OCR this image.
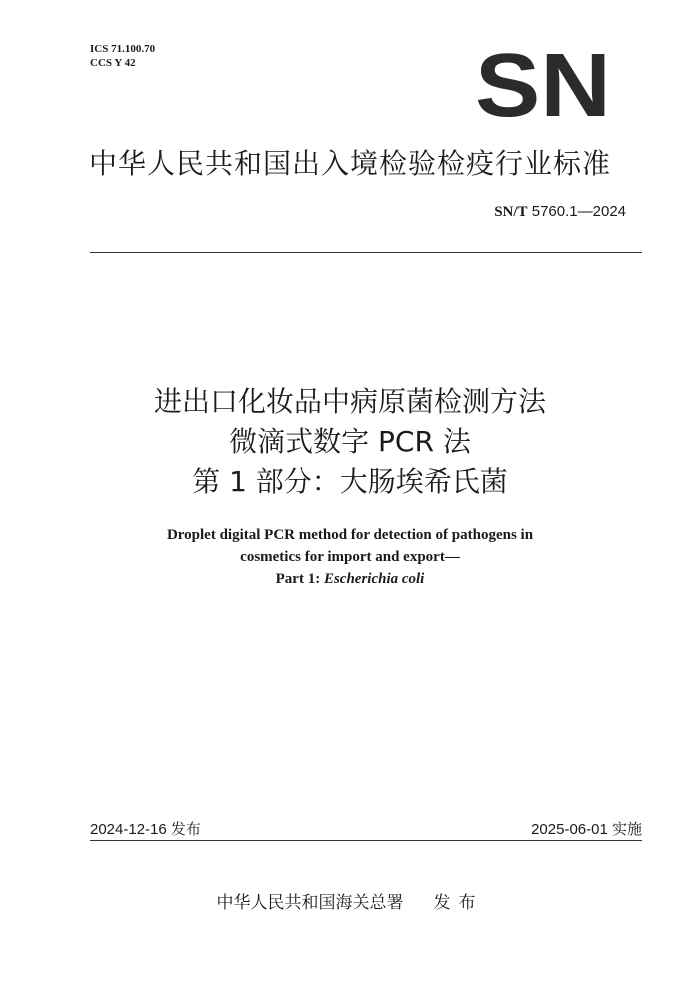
ICS 71.100.70
CCS Y 42	SN
中华人民共和国出入境检验检疫行业标准
SN/T 5760.1—2024
进出口化妆品中病原菌检测方法
微滴式数字 PCR 法
第 1 部分：大肠埃希氏菌
Droplet digital PCR method for detection of pathogens in
cosmetics for import and export—
Part 1: Escherichia coli
2024-12-16 发布	2025-06-01 实施
中华人民共和国海关总署 发布
